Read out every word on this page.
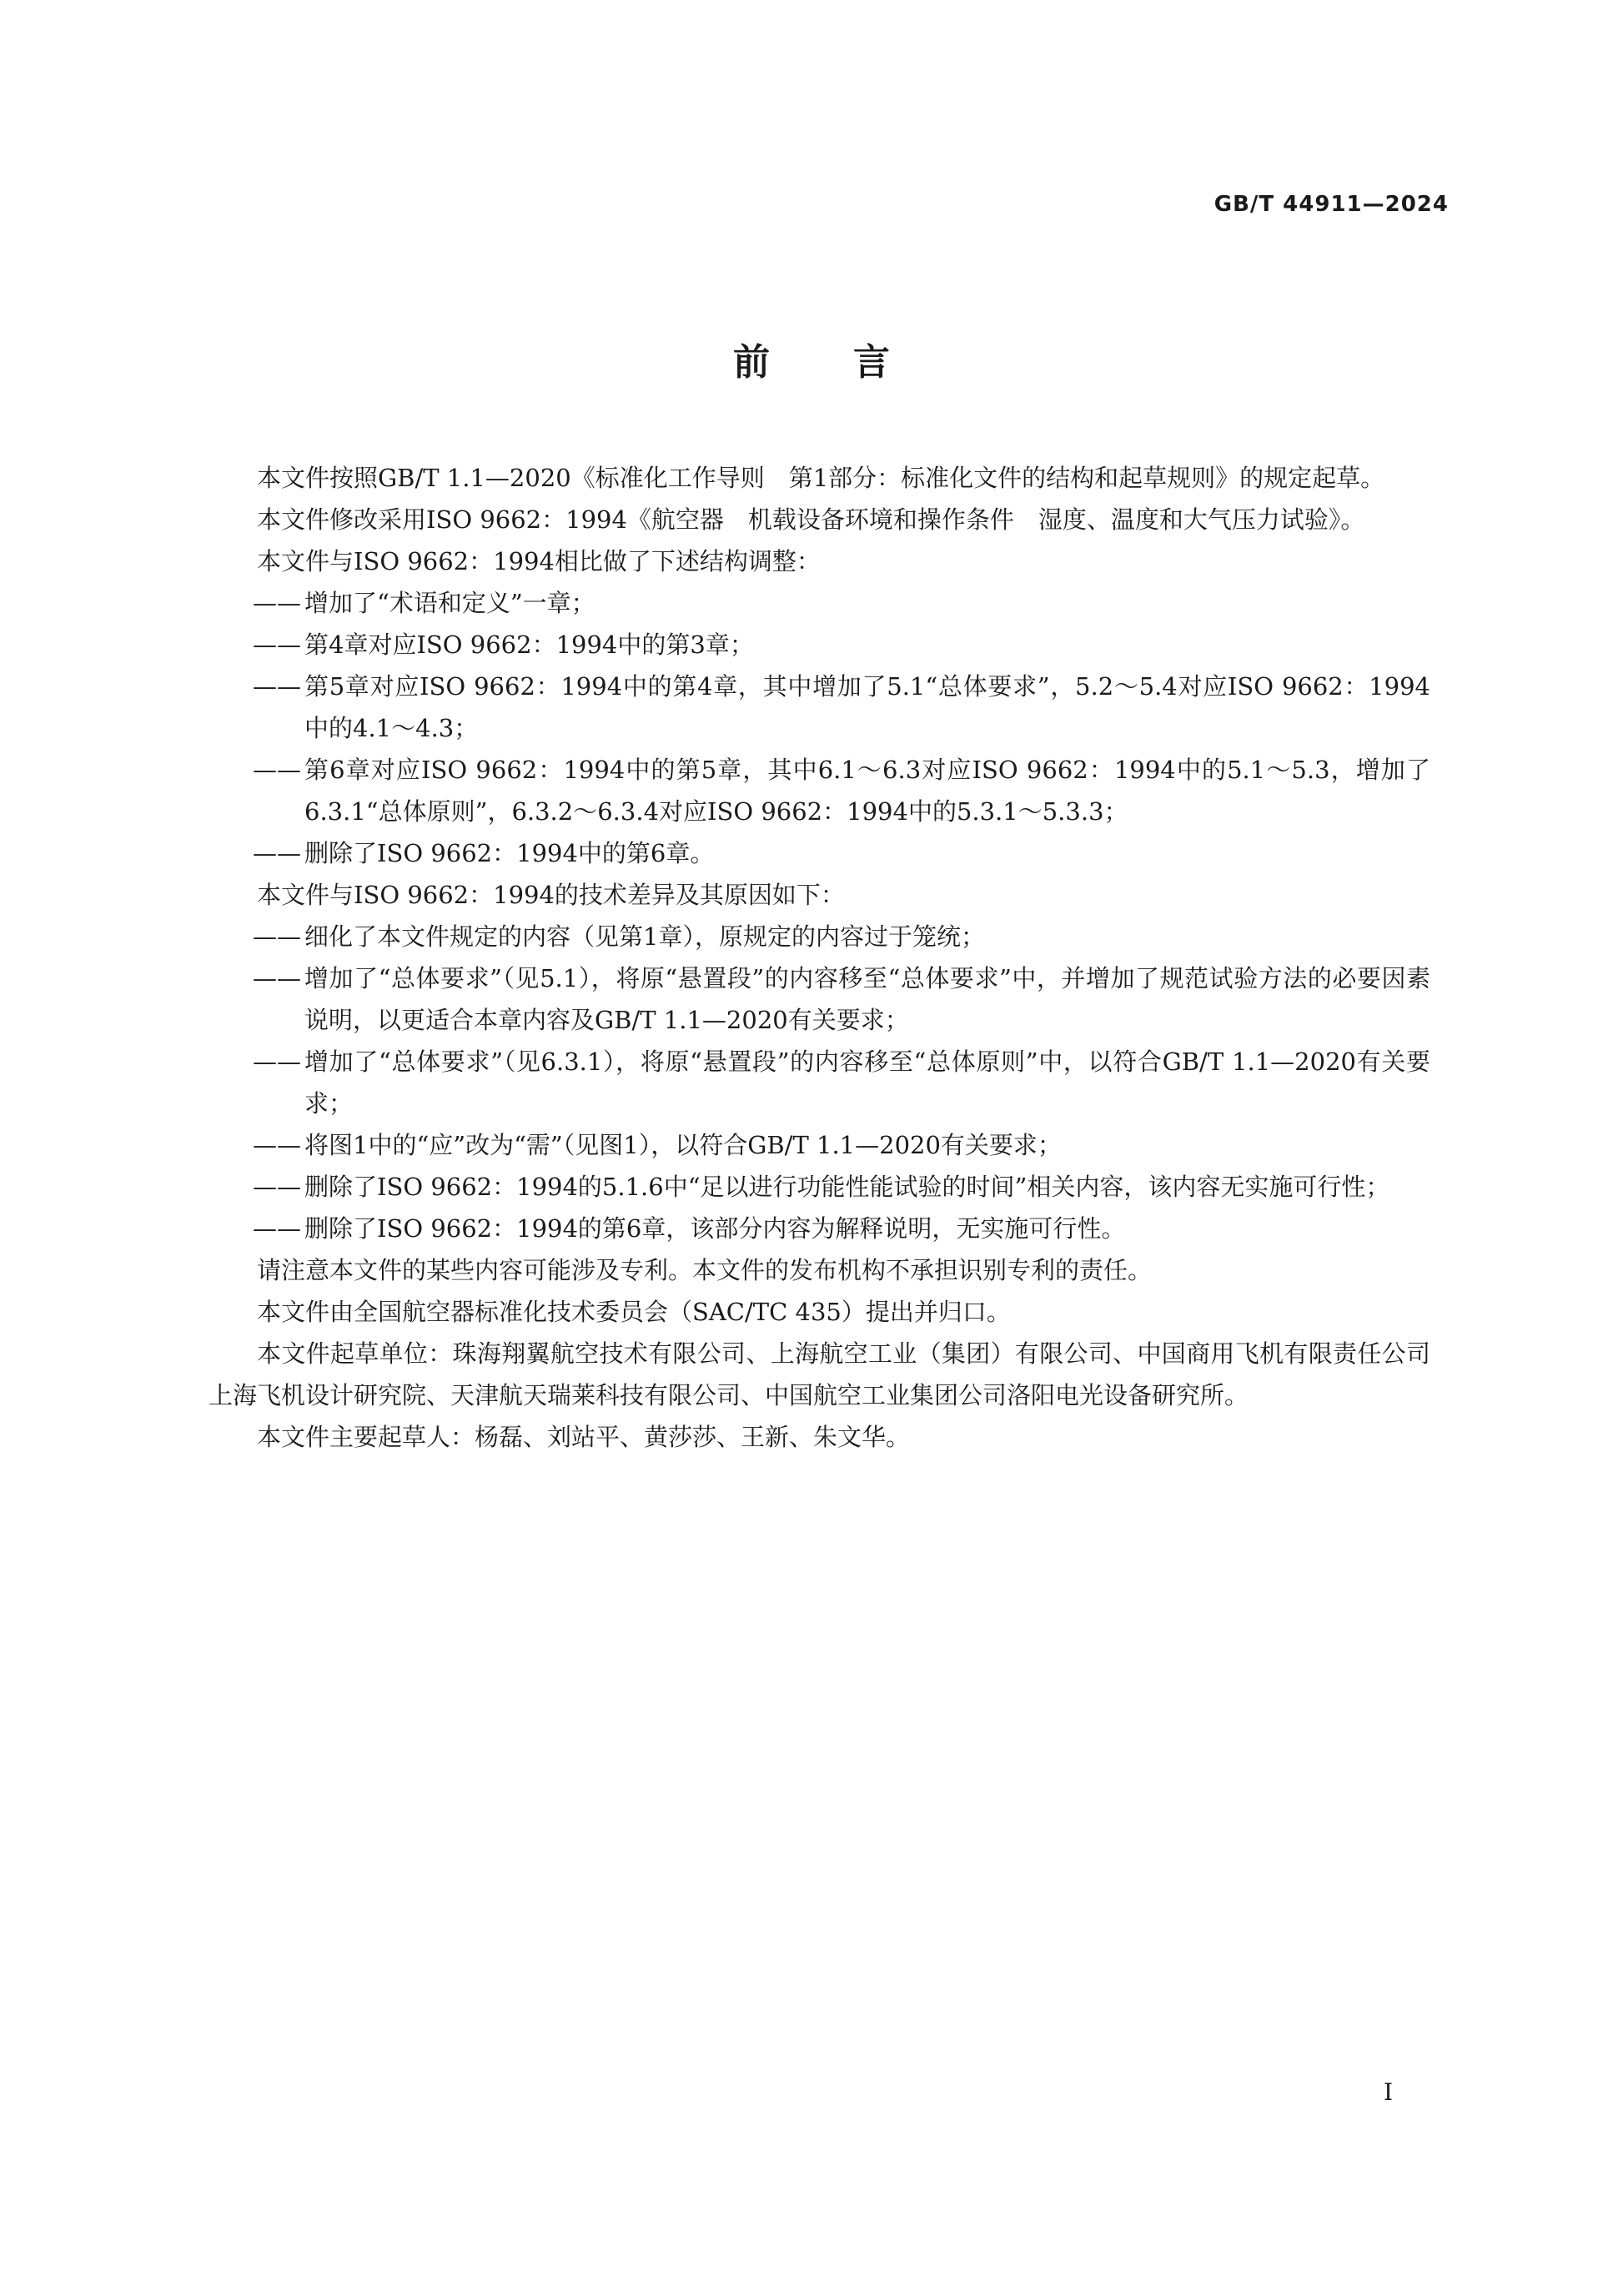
GB/T 44911—2024
前言

本文件按照GB/T 1.1—2020《标准化工作导则　第1部分：标准化文件的结构和起草规则》的规定起草。

本文件修改采用ISO 9662：1994《航空器　机载设备环境和操作条件　湿度、温度和大气压力试验》。

本文件与ISO 9662：1994相比做了下述结构调整：

—— 增加了“术语和定义”一章；

—— 第4章对应ISO 9662：1994中的第3章；

—— 第5章对应ISO 9662：1994中的第4章，其中增加了5.1“总体要求”，5.2～5.4对应ISO 9662：1994中的4.1～4.3；

—— 第6章对应ISO 9662：1994中的第5章，其中6.1～6.3对应ISO 9662：1994中的5.1～5.3，增加了6.3.1“总体原则”，6.3.2～6.3.4对应ISO 9662：1994中的5.3.1～5.3.3；

—— 删除了ISO 9662：1994中的第6章。

本文件与ISO 9662：1994的技术差异及其原因如下：

—— 细化了本文件规定的内容（见第1章），原规定的内容过于笼统；

—— 增加了“总体要求”（见5.1），将原“悬置段”的内容移至“总体要求”中，并增加了规范试验方法的必要因素说明，以更适合本章内容及GB/T 1.1—2020有关要求；

—— 增加了“总体要求”（见6.3.1），将原“悬置段”的内容移至“总体原则”中，以符合GB/T 1.1—2020有关要求；

—— 将图1中的“应”改为“需”（见图1），以符合GB/T 1.1—2020有关要求；

—— 删除了ISO 9662：1994的5.1.6中“足以进行功能性能试验的时间”相关内容，该内容无实施可行性；

—— 删除了ISO 9662：1994的第6章，该部分内容为解释说明，无实施可行性。

请注意本文件的某些内容可能涉及专利。本文件的发布机构不承担识别专利的责任。

本文件由全国航空器标准化技术委员会（SAC/TC 435）提出并归口。

本文件起草单位：珠海翔翼航空技术有限公司、上海航空工业（集团）有限公司、中国商用飞机有限责任公司上海飞机设计研究院、天津航天瑞莱科技有限公司、中国航空工业集团公司洛阳电光设备研究所。

本文件主要起草人：杨磊、刘站平、黄莎莎、王新、朱文华。

I
